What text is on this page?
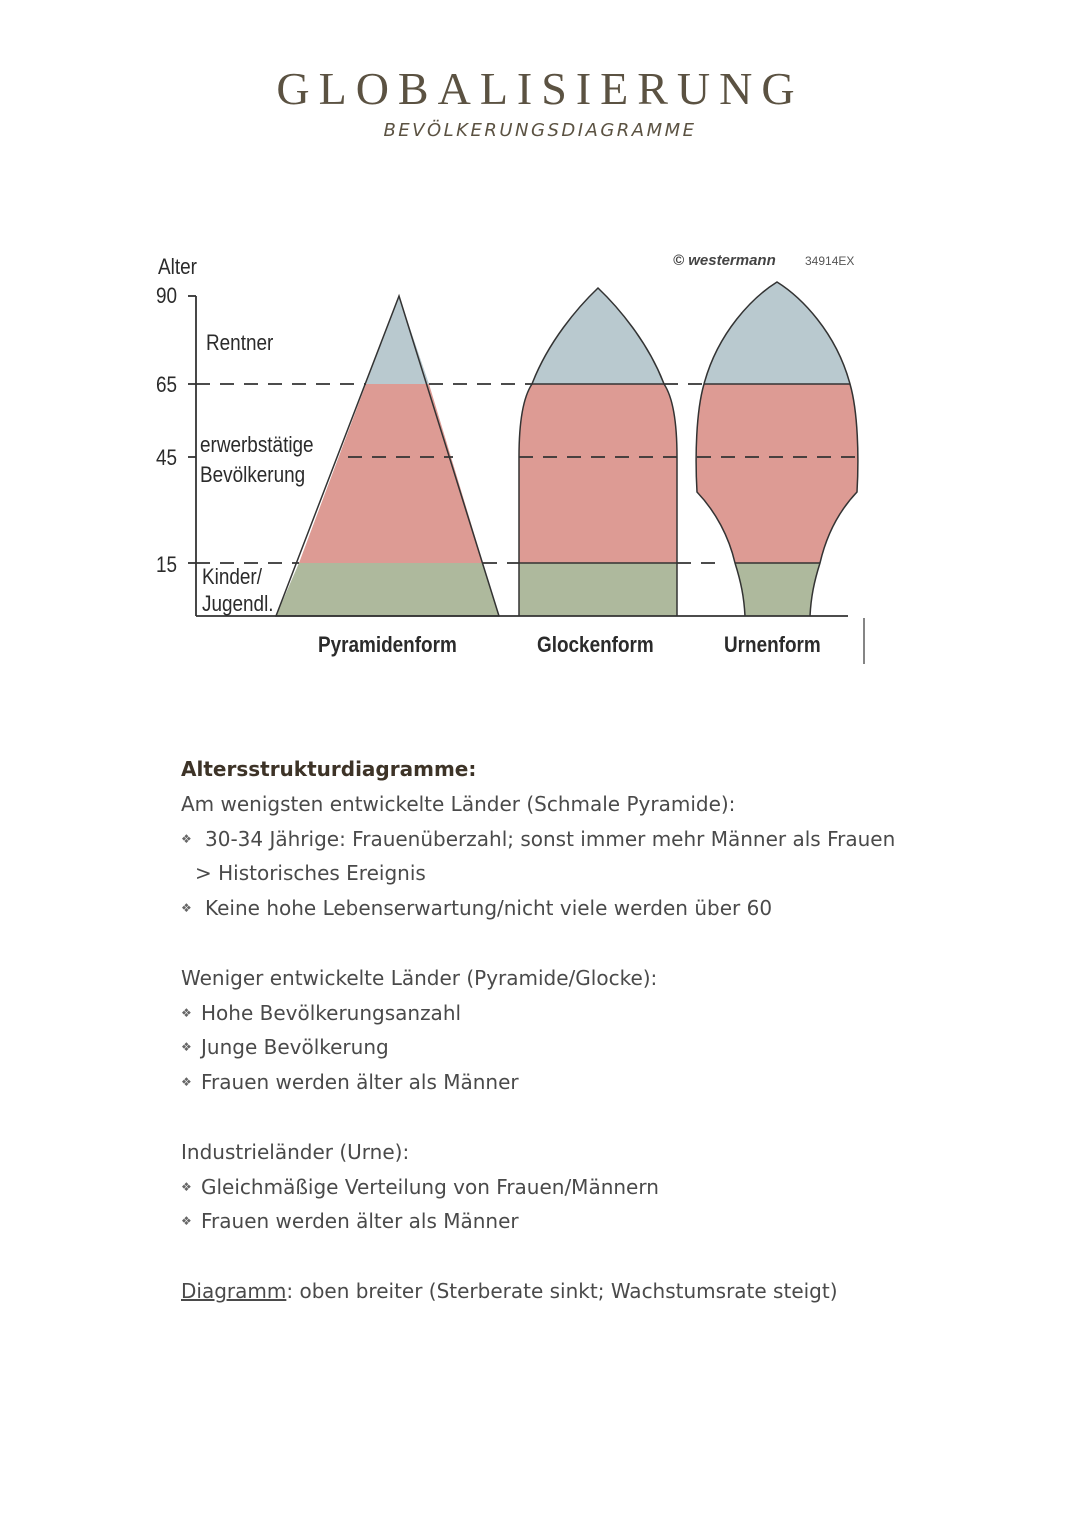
GLOBALISIERUNG
BEVÖLKERUNGSDIAGRAMME
© westermann 34914EX
Alter
90
65
45
15
Rentner
erwerbstätige
Bevölkerung
Kinder/
Jugendl.
Pyramidenform	Glockenform	Urnenform
Altersstrukturdiagramme:
Am wenigsten entwickelte Länder (Schmale Pyramide):
❖ 30-34 Jährige: Frauenüberzahl; sonst immer mehr Männer als Frauen
> Historisches Ereignis
❖ Keine hohe Lebenserwartung/nicht viele werden über 60
Weniger entwickelte Länder (Pyramide/Glocke):
❖ Hohe Bevölkerungsanzahl
❖ Junge Bevölkerung
❖ Frauen werden älter als Männer
Industrieländer (Urne):
❖ Gleichmäßige Verteilung von Frauen/Männern
❖ Frauen werden älter als Männer
Diagramm: oben breiter (Sterberate sinkt; Wachstumsrate steigt)
